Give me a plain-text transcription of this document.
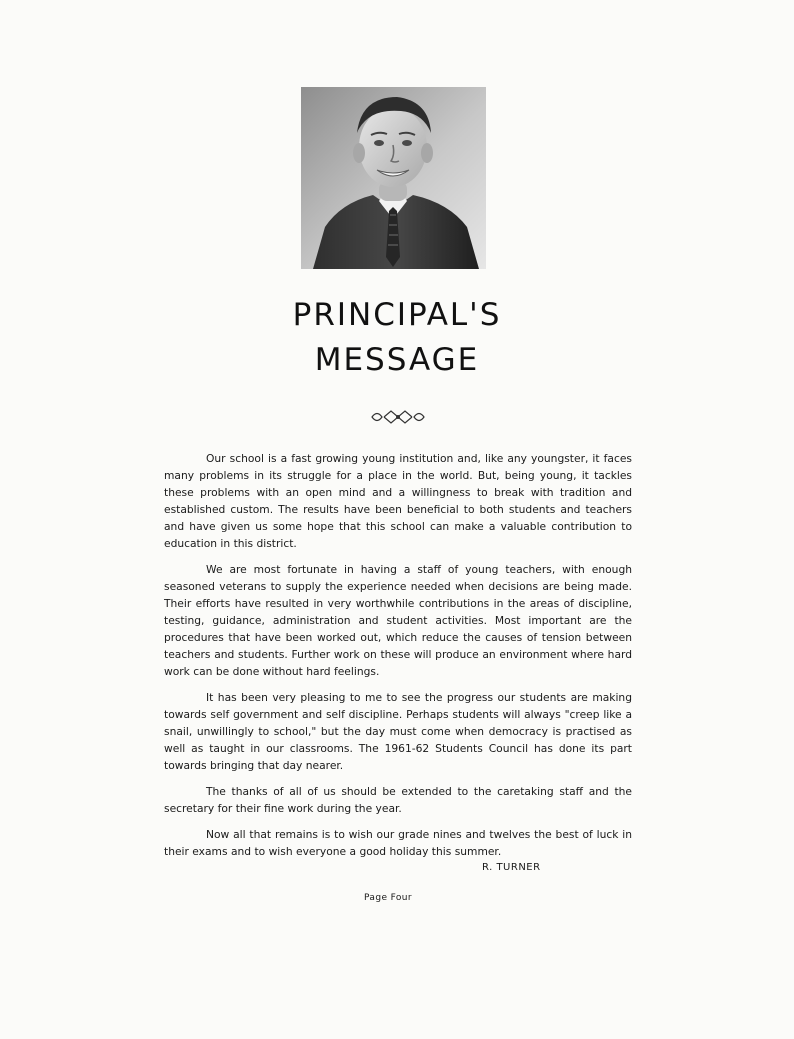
PRINCIPAL'S
MESSAGE

Our school is a fast growing young institution and, like any youngster, it faces many problems in its struggle for a place in the world. But, being young, it tackles these problems with an open mind and a willingness to break with tradition and established custom. The results have been beneficial to both students and teachers and have given us some hope that this school can make a valuable contribution to education in this district.

We are most fortunate in having a staff of young teachers, with enough seasoned veterans to supply the experience needed when decisions are being made. Their efforts have resulted in very worthwhile contributions in the areas of discipline, testing, guidance, administration and student activities. Most important are the procedures that have been worked out, which reduce the causes of tension between teachers and students. Further work on these will produce an environment where hard work can be done without hard feelings.

It has been very pleasing to me to see the progress our students are making towards self government and self discipline. Perhaps students will always "creep like a snail, unwillingly to school," but the day must come when democracy is practised as well as taught in our classrooms. The 1961-62 Students Council has done its part towards bringing that day nearer.

The thanks of all of us should be extended to the caretaking staff and the secretary for their fine work during the year.

Now all that remains is to wish our grade nines and twelves the best of luck in their exams and to wish everyone a good holiday this summer.

R. TURNER
Page Four
